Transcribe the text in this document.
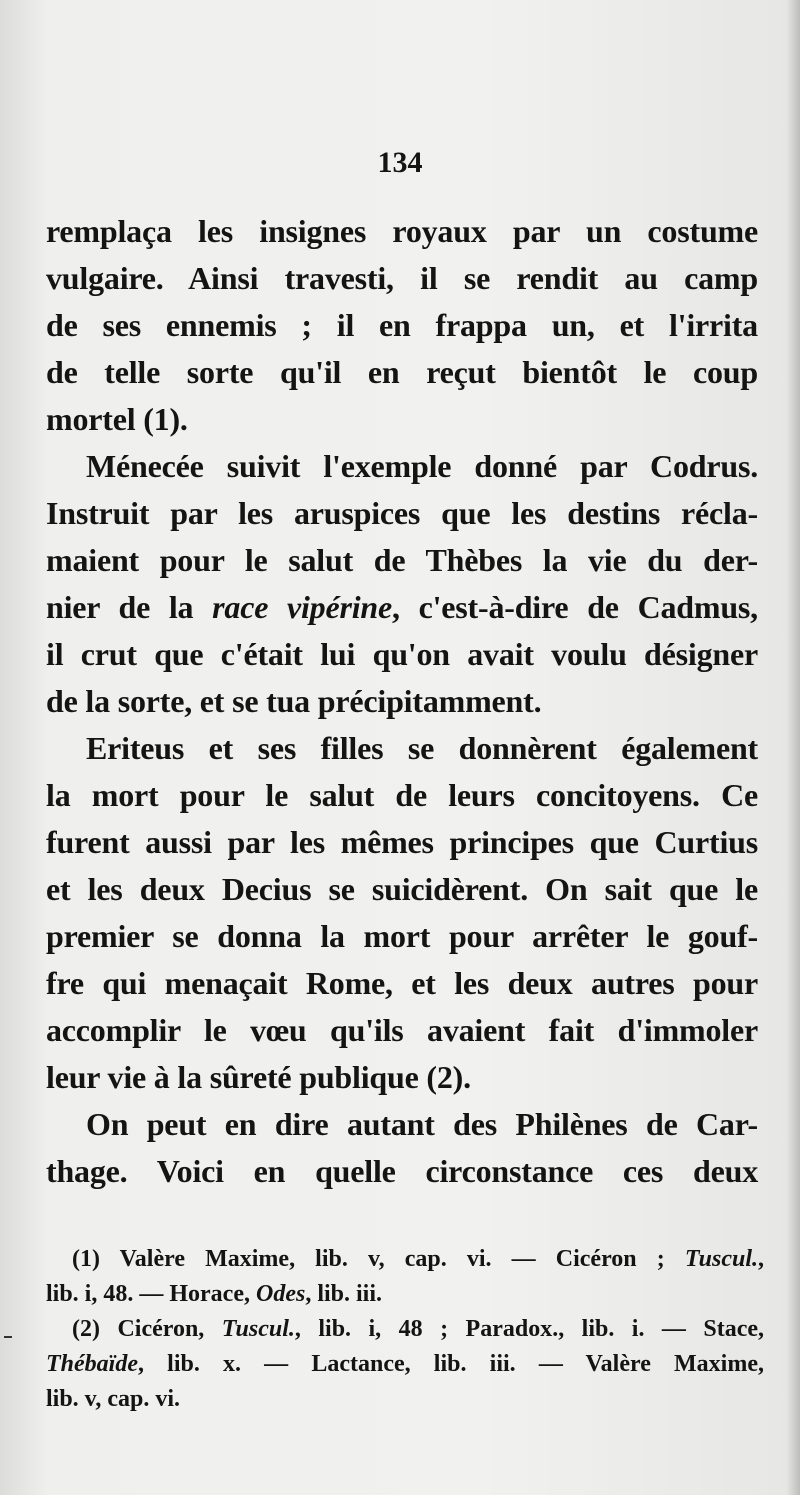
134
remplaça les insignes royaux par un costume
vulgaire. Ainsi travesti, il se rendit au camp
de ses ennemis ; il en frappa un, et l'irrita
de telle sorte qu'il en reçut bientôt le coup
mortel (1).
Ménecée suivit l'exemple donné par Codrus.
Instruit par les aruspices que les destins récla-
maient pour le salut de Thèbes la vie du der-
nier de la race vipérine, c'est-à-dire de Cadmus,
il crut que c'était lui qu'on avait voulu désigner
de la sorte, et se tua précipitamment.
Eriteus et ses filles se donnèrent également
la mort pour le salut de leurs concitoyens. Ce
furent aussi par les mêmes principes que Curtius
et les deux Decius se suicidèrent. On sait que le
premier se donna la mort pour arrêter le gouf-
fre qui menaçait Rome, et les deux autres pour
accomplir le vœu qu'ils avaient fait d'immoler
leur vie à la sûreté publique (2).
On peut en dire autant des Philènes de Car-
thage. Voici en quelle circonstance ces deux
(1) Valère Maxime, lib. v, cap. vi. — Cicéron ; Tuscul.,
lib. i, 48. — Horace, Odes, lib. iii.
(2) Cicéron, Tuscul., lib. i, 48 ; Paradox., lib. i. — Stace,
Thébaïde, lib. x. — Lactance, lib. iii. — Valère Maxime,
lib. v, cap. vi.
